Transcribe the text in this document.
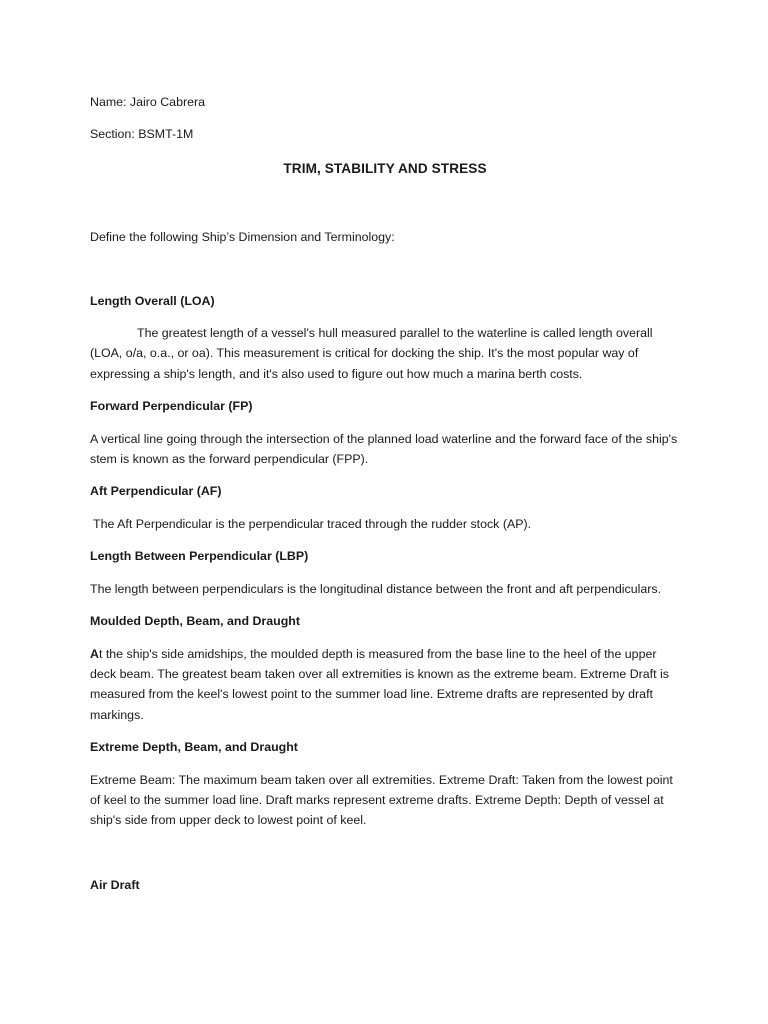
Name: Jairo Cabrera

Section: BSMT-1M

TRIM, STABILITY AND STRESS

Define the following Ship’s Dimension and Terminology:

Length Overall (LOA)

The greatest length of a vessel's hull measured parallel to the waterline is called length overall (LOA, o/a, o.a., or oa). This measurement is critical for docking the ship. It's the most popular way of expressing a ship's length, and it's also used to figure out how much a marina berth costs.

Forward Perpendicular (FP)

A vertical line going through the intersection of the planned load waterline and the forward face of the ship's stem is known as the forward perpendicular (FPP).

Aft Perpendicular (AF)

The Aft Perpendicular is the perpendicular traced through the rudder stock (AP).

Length Between Perpendicular (LBP)

The length between perpendiculars is the longitudinal distance between the front and aft perpendiculars.

Moulded Depth, Beam, and Draught

At the ship's side amidships, the moulded depth is measured from the base line to the heel of the upper deck beam. The greatest beam taken over all extremities is known as the extreme beam. Extreme Draft is measured from the keel's lowest point to the summer load line. Extreme drafts are represented by draft markings.

Extreme Depth, Beam, and Draught

Extreme Beam: The maximum beam taken over all extremities. Extreme Draft: Taken from the lowest point of keel to the summer load line. Draft marks represent extreme drafts. Extreme Depth: Depth of vessel at ship's side from upper deck to lowest point of keel.

Air Draft
